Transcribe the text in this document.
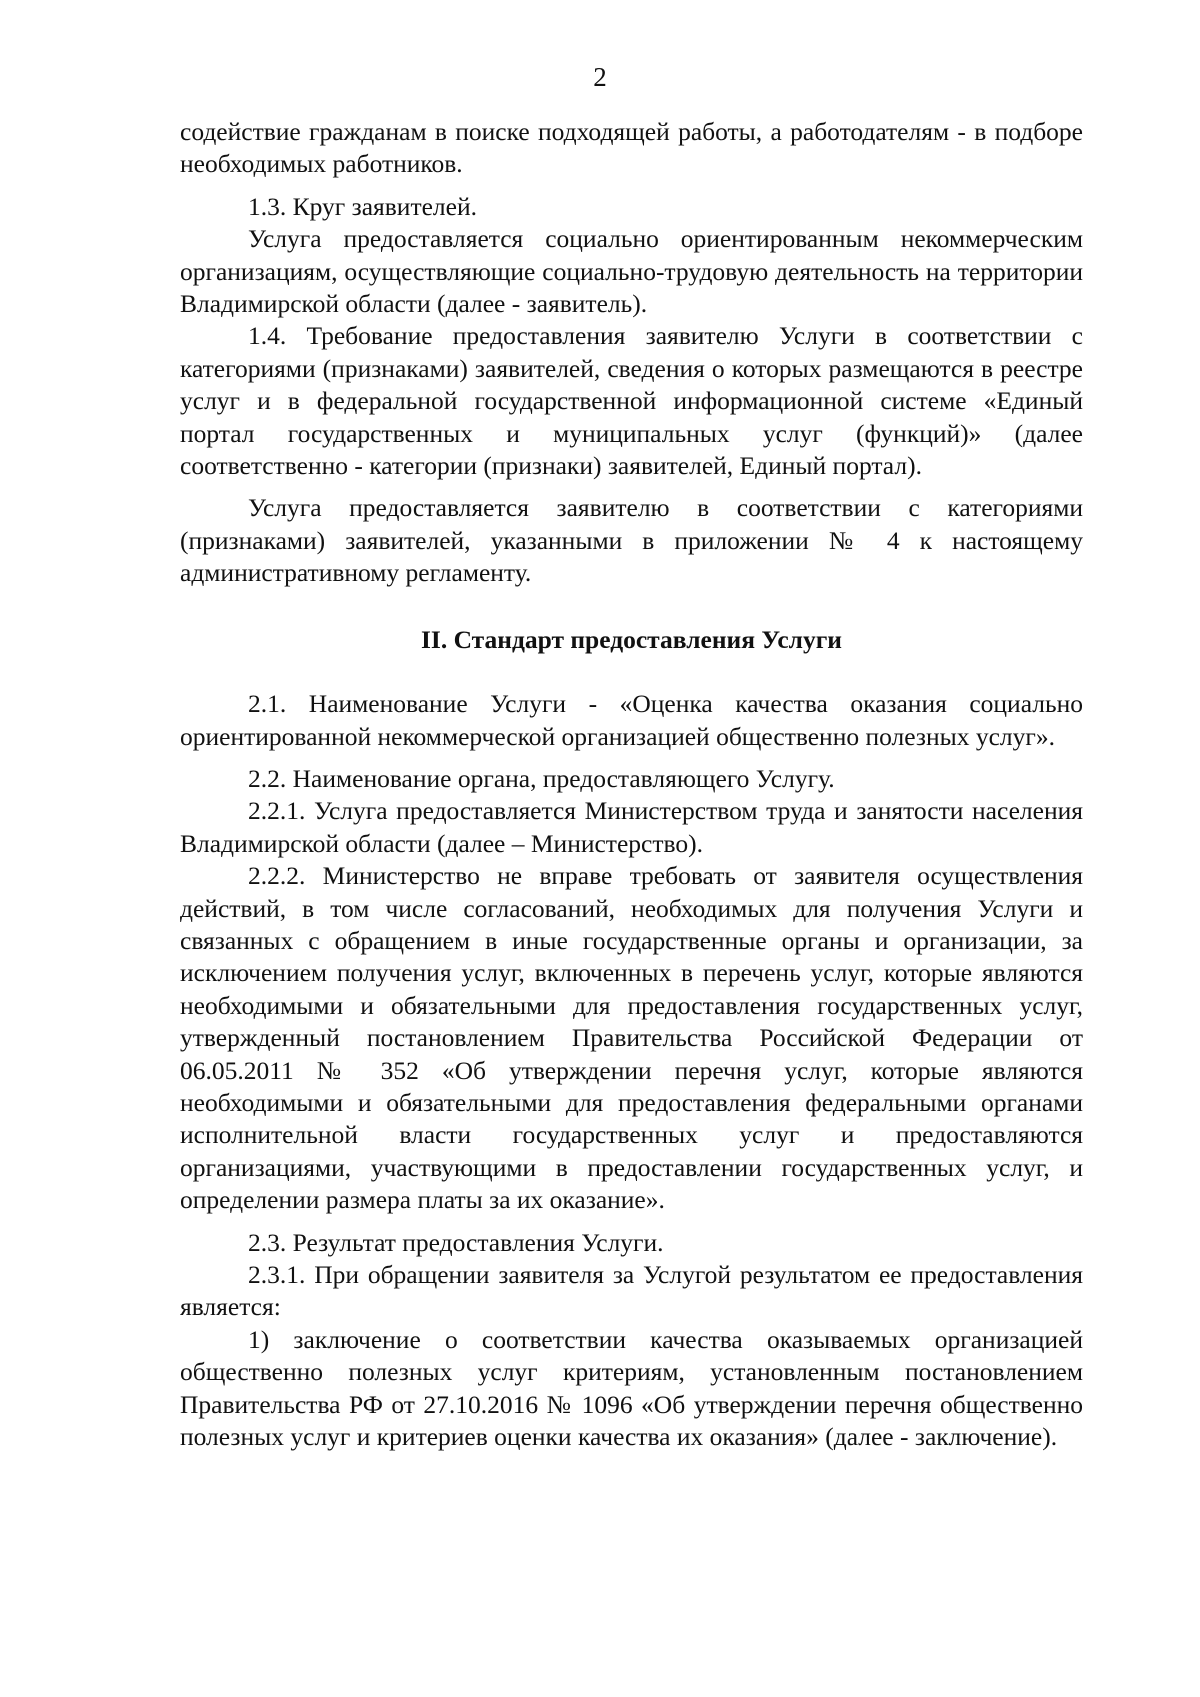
2

содействие гражданам в поиске подходящей работы, а работодателям - в подборе необходимых работников.

1.3. Круг заявителей.

Услуга предоставляется социально ориентированным некоммерческим организациям, осуществляющие социально-трудовую деятельность на территории Владимирской области (далее - заявитель).

1.4. Требование предоставления заявителю Услуги в соответствии с категориями (признаками) заявителей, сведения о которых размещаются в реестре услуг и в федеральной государственной информационной системе «Единый портал государственных и муниципальных услуг (функций)» (далее соответственно - категории (признаки) заявителей, Единый портал).

Услуга предоставляется заявителю в соответствии с категориями (признаками) заявителей, указанными в приложении № 4 к настоящему административному регламенту.

II. Стандарт предоставления Услуги

2.1. Наименование Услуги - «Оценка качества оказания социально ориентированной некоммерческой организацией общественно полезных услуг».

2.2. Наименование органа, предоставляющего Услугу.

2.2.1. Услуга предоставляется Министерством труда и занятости населения Владимирской области (далее – Министерство).

2.2.2. Министерство не вправе требовать от заявителя осуществления действий, в том числе согласований, необходимых для получения Услуги и связанных с обращением в иные государственные органы и организации, за исключением получения услуг, включенных в перечень услуг, которые являются необходимыми и обязательными для предоставления государственных услуг, утвержденный постановлением Правительства Российской Федерации от 06.05.2011 № 352 «Об утверждении перечня услуг, которые являются необходимыми и обязательными для предоставления федеральными органами исполнительной власти государственных услуг и предоставляются организациями, участвующими в предоставлении государственных услуг, и определении размера платы за их оказание».

2.3. Результат предоставления Услуги.

2.3.1. При обращении заявителя за Услугой результатом ее предоставления является:

1) заключение о соответствии качества оказываемых организацией общественно полезных услуг критериям, установленным постановлением Правительства РФ от 27.10.2016 № 1096 «Об утверждении перечня общественно полезных услуг и критериев оценки качества их оказания» (далее - заключение).
